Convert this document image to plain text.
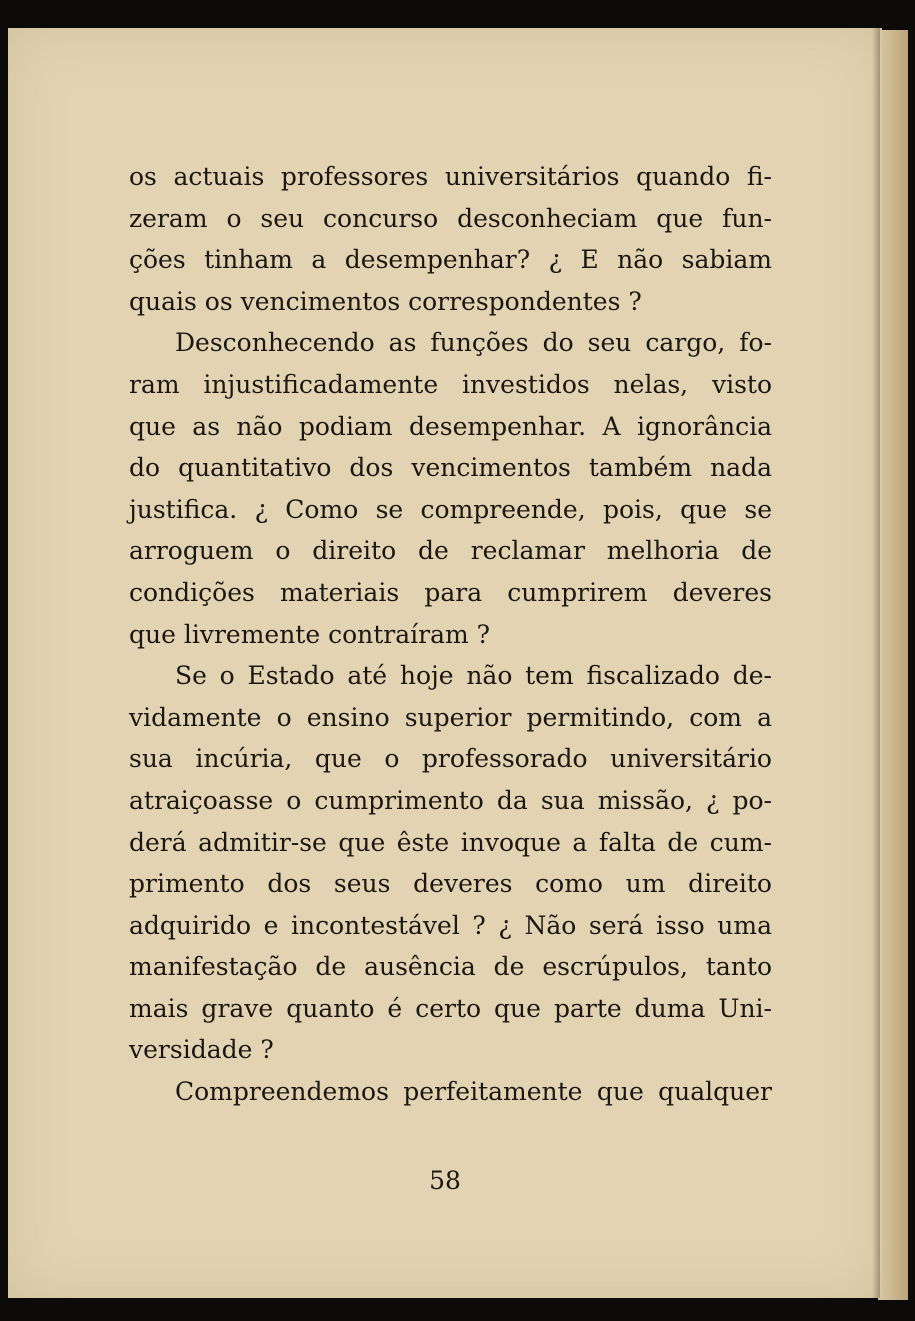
os actuais professores universitários quando fi-
zeram o seu concurso desconheciam que fun-
ções tinham a desempenhar? ¿ E não sabiam
quais os vencimentos correspondentes ?
Desconhecendo as funções do seu cargo, fo-
ram injustificadamente investidos nelas, visto
que as não podiam desempenhar. A ignorância
do quantitativo dos vencimentos também nada
justifica. ¿ Como se compreende, pois, que se
arroguem o direito de reclamar melhoria de
condições materiais para cumprirem deveres
que livremente contraíram ?
Se o Estado até hoje não tem fiscalizado de-
vidamente o ensino superior permitindo, com a
sua incúria, que o professorado universitário
atraiçoasse o cumprimento da sua missão, ¿ po-
derá admitir-se que êste invoque a falta de cum-
primento dos seus deveres como um direito
adquirido e incontestável ? ¿ Não será isso uma
manifestação de ausência de escrúpulos, tanto
mais grave quanto é certo que parte duma Uni-
versidade ?
Compreendemos perfeitamente que qualquer
58
